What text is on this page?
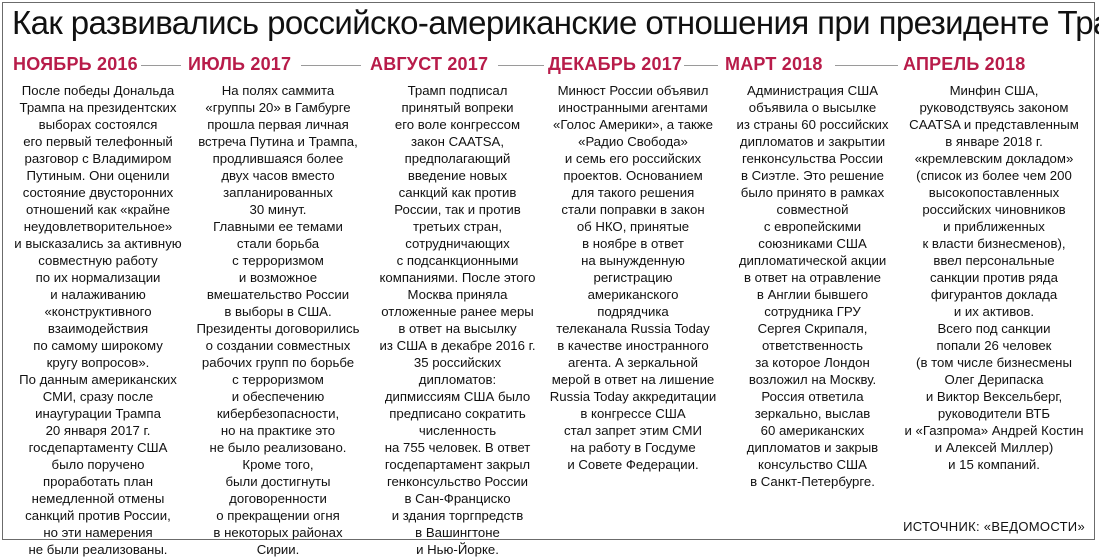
Как развивались российско-американские отношения при президенте Трампе
НОЯБРЬ 2016

После победы Дональда
Трампа на президентских
выборах состоялся
его первый телефонный
разговор с Владимиром
Путиным. Они оценили
состояние двусторонних
отношений как «крайне
неудовлетворительное»
и высказались за активную
совместную работу
по их нормализации
и налаживанию
«конструктивного
взаимодействия
по самому широкому
кругу вопросов».
По данным американских
СМИ, сразу после
инаугурации Трампа
20 января 2017 г.
госдепартаменту США
было поручено
проработать план
немедленной отмены
санкций против России,
но эти намерения
не были реализованы.

ИЮЛЬ 2017

На полях саммита
«группы 20» в Гамбурге
прошла первая личная
встреча Путина и Трампа,
продлившаяся более
двух часов вместо
запланированных
30 минут.
Главными ее темами
стали борьба
с терроризмом
и возможное
вмешательство России
в выборы в США.
Президенты договорились
о создании совместных
рабочих групп по борьбе
с терроризмом
и обеспечению
кибербезопасности,
но на практике это
не было реализовано.
Кроме того,
были достигнуты
договоренности
о прекращении огня
в некоторых районах
Сирии.

АВГУСТ 2017

Трамп подписал
принятый вопреки
его воле конгрессом
закон CAATSA,
предполагающий
введение новых
санкций как против
России, так и против
третьих стран,
сотрудничающих
с подсанкционными
компаниями. После этого
Москва приняла
отложенные ранее меры
в ответ на высылку
из США в декабре 2016 г.
35 российских
дипломатов:
дипмиссиям США было
предписано сократить
численность
на 755 человек. В ответ
госдепартамент закрыл
генконсульство России
в Сан-Франциско
и здания торгпредств
в Вашингтоне
и Нью-Йорке.

ДЕКАБРЬ 2017

Минюст России объявил
иностранными агентами
«Голос Америки», а также
«Радио Свобода»
и семь его российских
проектов. Основанием
для такого решения
стали поправки в закон
об НКО, принятые
в ноябре в ответ
на вынужденную
регистрацию
американского
подрядчика
телеканала Russia Today
в качестве иностранного
агента. А зеркальной
мерой в ответ на лишение
Russia Today аккредитации
в конгрессе США
стал запрет этим СМИ
на работу в Госдуме
и Совете Федерации.

МАРТ 2018

Администрация США
объявила о высылке
из страны 60 российских
дипломатов и закрытии
генконсульства России
в Сиэтле. Это решение
было принято в рамках
совместной
с европейскими
союзниками США
дипломатической акции
в ответ на отравление
в Англии бывшего
сотрудника ГРУ
Сергея Скрипаля,
ответственность
за которое Лондон
возложил на Москву.
Россия ответила
зеркально, выслав
60 американских
дипломатов и закрыв
консульство США
в Санкт-Петербурге.

АПРЕЛЬ 2018

Минфин США,
руководствуясь законом
CAATSA и представленным
в январе 2018 г.
«кремлевским докладом»
(список из более чем 200
высокопоставленных
российских чиновников
и приближенных
к власти бизнесменов),
ввел персональные
санкции против ряда
фигурантов доклада
и их активов.
Всего под санкции
попали 26 человек
(в том числе бизнесмены
Олег Дерипаска
и Виктор Вексельберг,
руководители ВТБ
и «Газпрома» Андрей Костин
и Алексей Миллер)
и 15 компаний.

ИСТОЧНИК: «ВЕДОМОСТИ»
